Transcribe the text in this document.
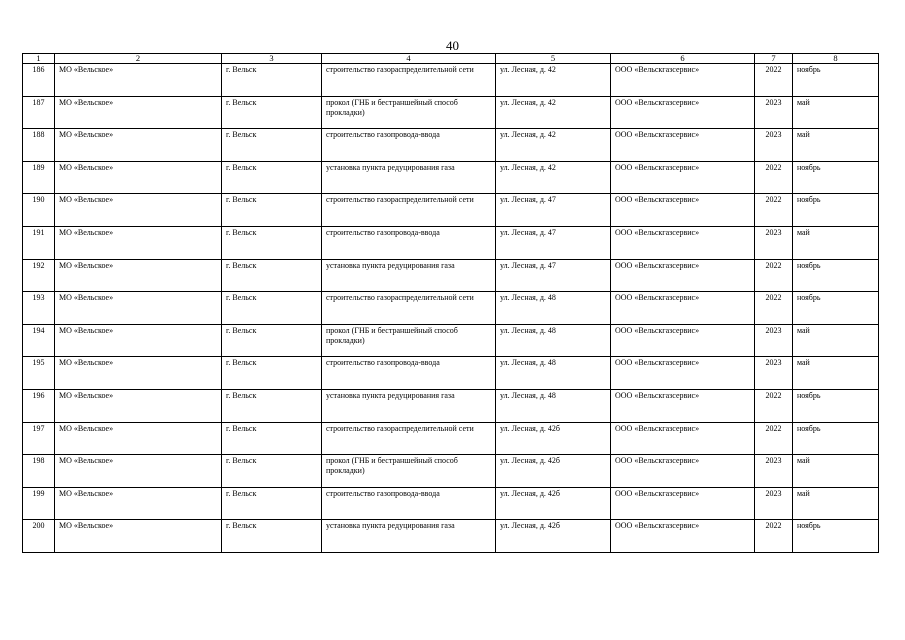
40
1	2	3	4	5	6	7	8
186	МО «Вельское»	г. Вельск	строительство газораспределительной сети	ул. Лесная, д. 42	ООО «Вельскгазсервис»	2022	ноябрь
187	МО «Вельское»	г. Вельск	прокол (ГНБ и бестраншейный способ прокладки)	ул. Лесная, д. 42	ООО «Вельскгазсервис»	2023	май
188	МО «Вельское»	г. Вельск	строительство газопровода-ввода	ул. Лесная, д. 42	ООО «Вельскгазсервис»	2023	май
189	МО «Вельское»	г. Вельск	установка пункта редуцирования газа	ул. Лесная, д. 42	ООО «Вельскгазсервис»	2022	ноябрь
190	МО «Вельское»	г. Вельск	строительство газораспределительной сети	ул. Лесная, д. 47	ООО «Вельскгазсервис»	2022	ноябрь
191	МО «Вельское»	г. Вельск	строительство газопровода-ввода	ул. Лесная, д. 47	ООО «Вельскгазсервис»	2023	май
192	МО «Вельское»	г. Вельск	установка пункта редуцирования газа	ул. Лесная, д. 47	ООО «Вельскгазсервис»	2022	ноябрь
193	МО «Вельское»	г. Вельск	строительство газораспределительной сети	ул. Лесная, д. 48	ООО «Вельскгазсервис»	2022	ноябрь
194	МО «Вельское»	г. Вельск	прокол (ГНБ и бестраншейный способ прокладки)	ул. Лесная, д. 48	ООО «Вельскгазсервис»	2023	май
195	МО «Вельское»	г. Вельск	строительство газопровода-ввода	ул. Лесная, д. 48	ООО «Вельскгазсервис»	2023	май
196	МО «Вельское»	г. Вельск	установка пункта редуцирования газа	ул. Лесная, д. 48	ООО «Вельскгазсервис»	2022	ноябрь
197	МО «Вельское»	г. Вельск	строительство газораспределительной сети	ул. Лесная, д. 42б	ООО «Вельскгазсервис»	2022	ноябрь
198	МО «Вельское»	г. Вельск	прокол (ГНБ и бестраншейный способ прокладки)	ул. Лесная, д. 42б	ООО «Вельскгазсервис»	2023	май
199	МО «Вельское»	г. Вельск	строительство газопровода-ввода	ул. Лесная, д. 42б	ООО «Вельскгазсервис»	2023	май
200	МО «Вельское»	г. Вельск	установка пункта редуцирования газа	ул. Лесная, д. 42б	ООО «Вельскгазсервис»	2022	ноябрь
